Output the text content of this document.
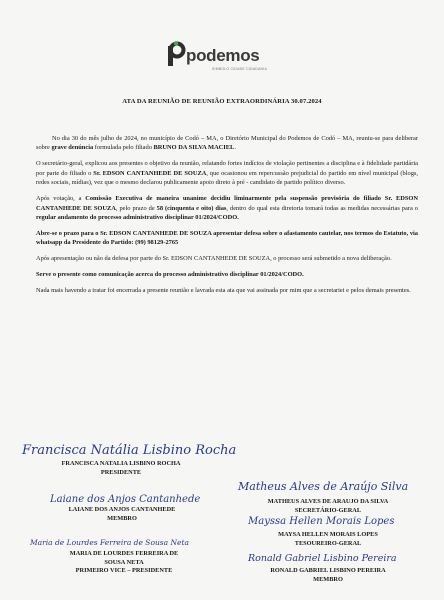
podemos
SIMBOLO CIDADE CIDADANIA
ATA DA REUNIÃO DE REUNIÃO EXTRAORDINÁRIA 30.07.2024

No dia 30 do mês julho de 2024, no município de Codó – MA, o Diretório Municipal do Podemos de Codó – MA, reuniu-se para deliberar sobre grave denúncia formulada pelo filiado BRUNO DA SILVA MACIEL.

O secretário-geral, explicou aos presentes o objetivo da reunião, relatando fortes indícios de violação pertinentes a disciplina e à fidelidade partidária por parte do filiado o Sr. EDSON CANTANHEDE DE SOUZA, que ocasionou em repercussão prejudicial do partido em nível municipal (blogs, redes sociais, mídias), vez que o mesmo declarou publicamente apoio direto à pré - candidato de partido político diverso.

Após votação, a Comissão Executiva de maneira unanime decidiu liminarmente pela suspensão provisória do filiado Sr. EDSON CANTANHEDE DE SOUZA, pelo prazo de 58 (cinquenta e oito) dias, dentro do qual esta diretoria tomará todas as medidas necessárias para o regular andamento do processo administrativo disciplinar 01/2024/CODO.

Abre-se o prazo para o Sr. EDSON CANTANHEDE DE SOUZA apresentar defesa sobre o afastamento cautelar, nos termos do Estatuto, via whatsapp da Presidente do Partido: (99) 98129-2765

Após apresentação ou não da defesa por parte do Sr. EDSON CANTANHEDE DE SOUZA, o processo será submetido a nova deliberação.

Serve o presente como comunicação acerca do processo administrativo disciplinar 01/2024/CODO.

Nada mais havendo a tratar foi encerrada a presente reunião e lavrada esta ata que vai assinada por mim que a secretariei e pelos demais presentes.

Francisca Natália Lisbino Rocha
FRANCISCA NATALIA LISBINO ROCHA
PRESIDENTE
Matheus Alves de Araújo Silva
MATHEUS ALVES DE ARAUJO DA SILVA
SECRETÁRIO-GERAL
Laiane dos Anjos Cantanhede
LAIANE DOS ANJOS CANTANHEDE
MEMBRO	Mayssa Hellen Morais Lopes
MAYSA HELLEN MORAIS LOPES
TESOUREIRO-GERAL
Maria de Lourdes Ferreira de Sousa Neta
MARIA DE LOURDES FERREIRA DE
SOUSA NETA
PRIMEIRO VICE – PRESIDENTE
Ronald Gabriel Lisbino Pereira
RONALD GABRIEL LISBINO PEREIRA
MEMBRO
